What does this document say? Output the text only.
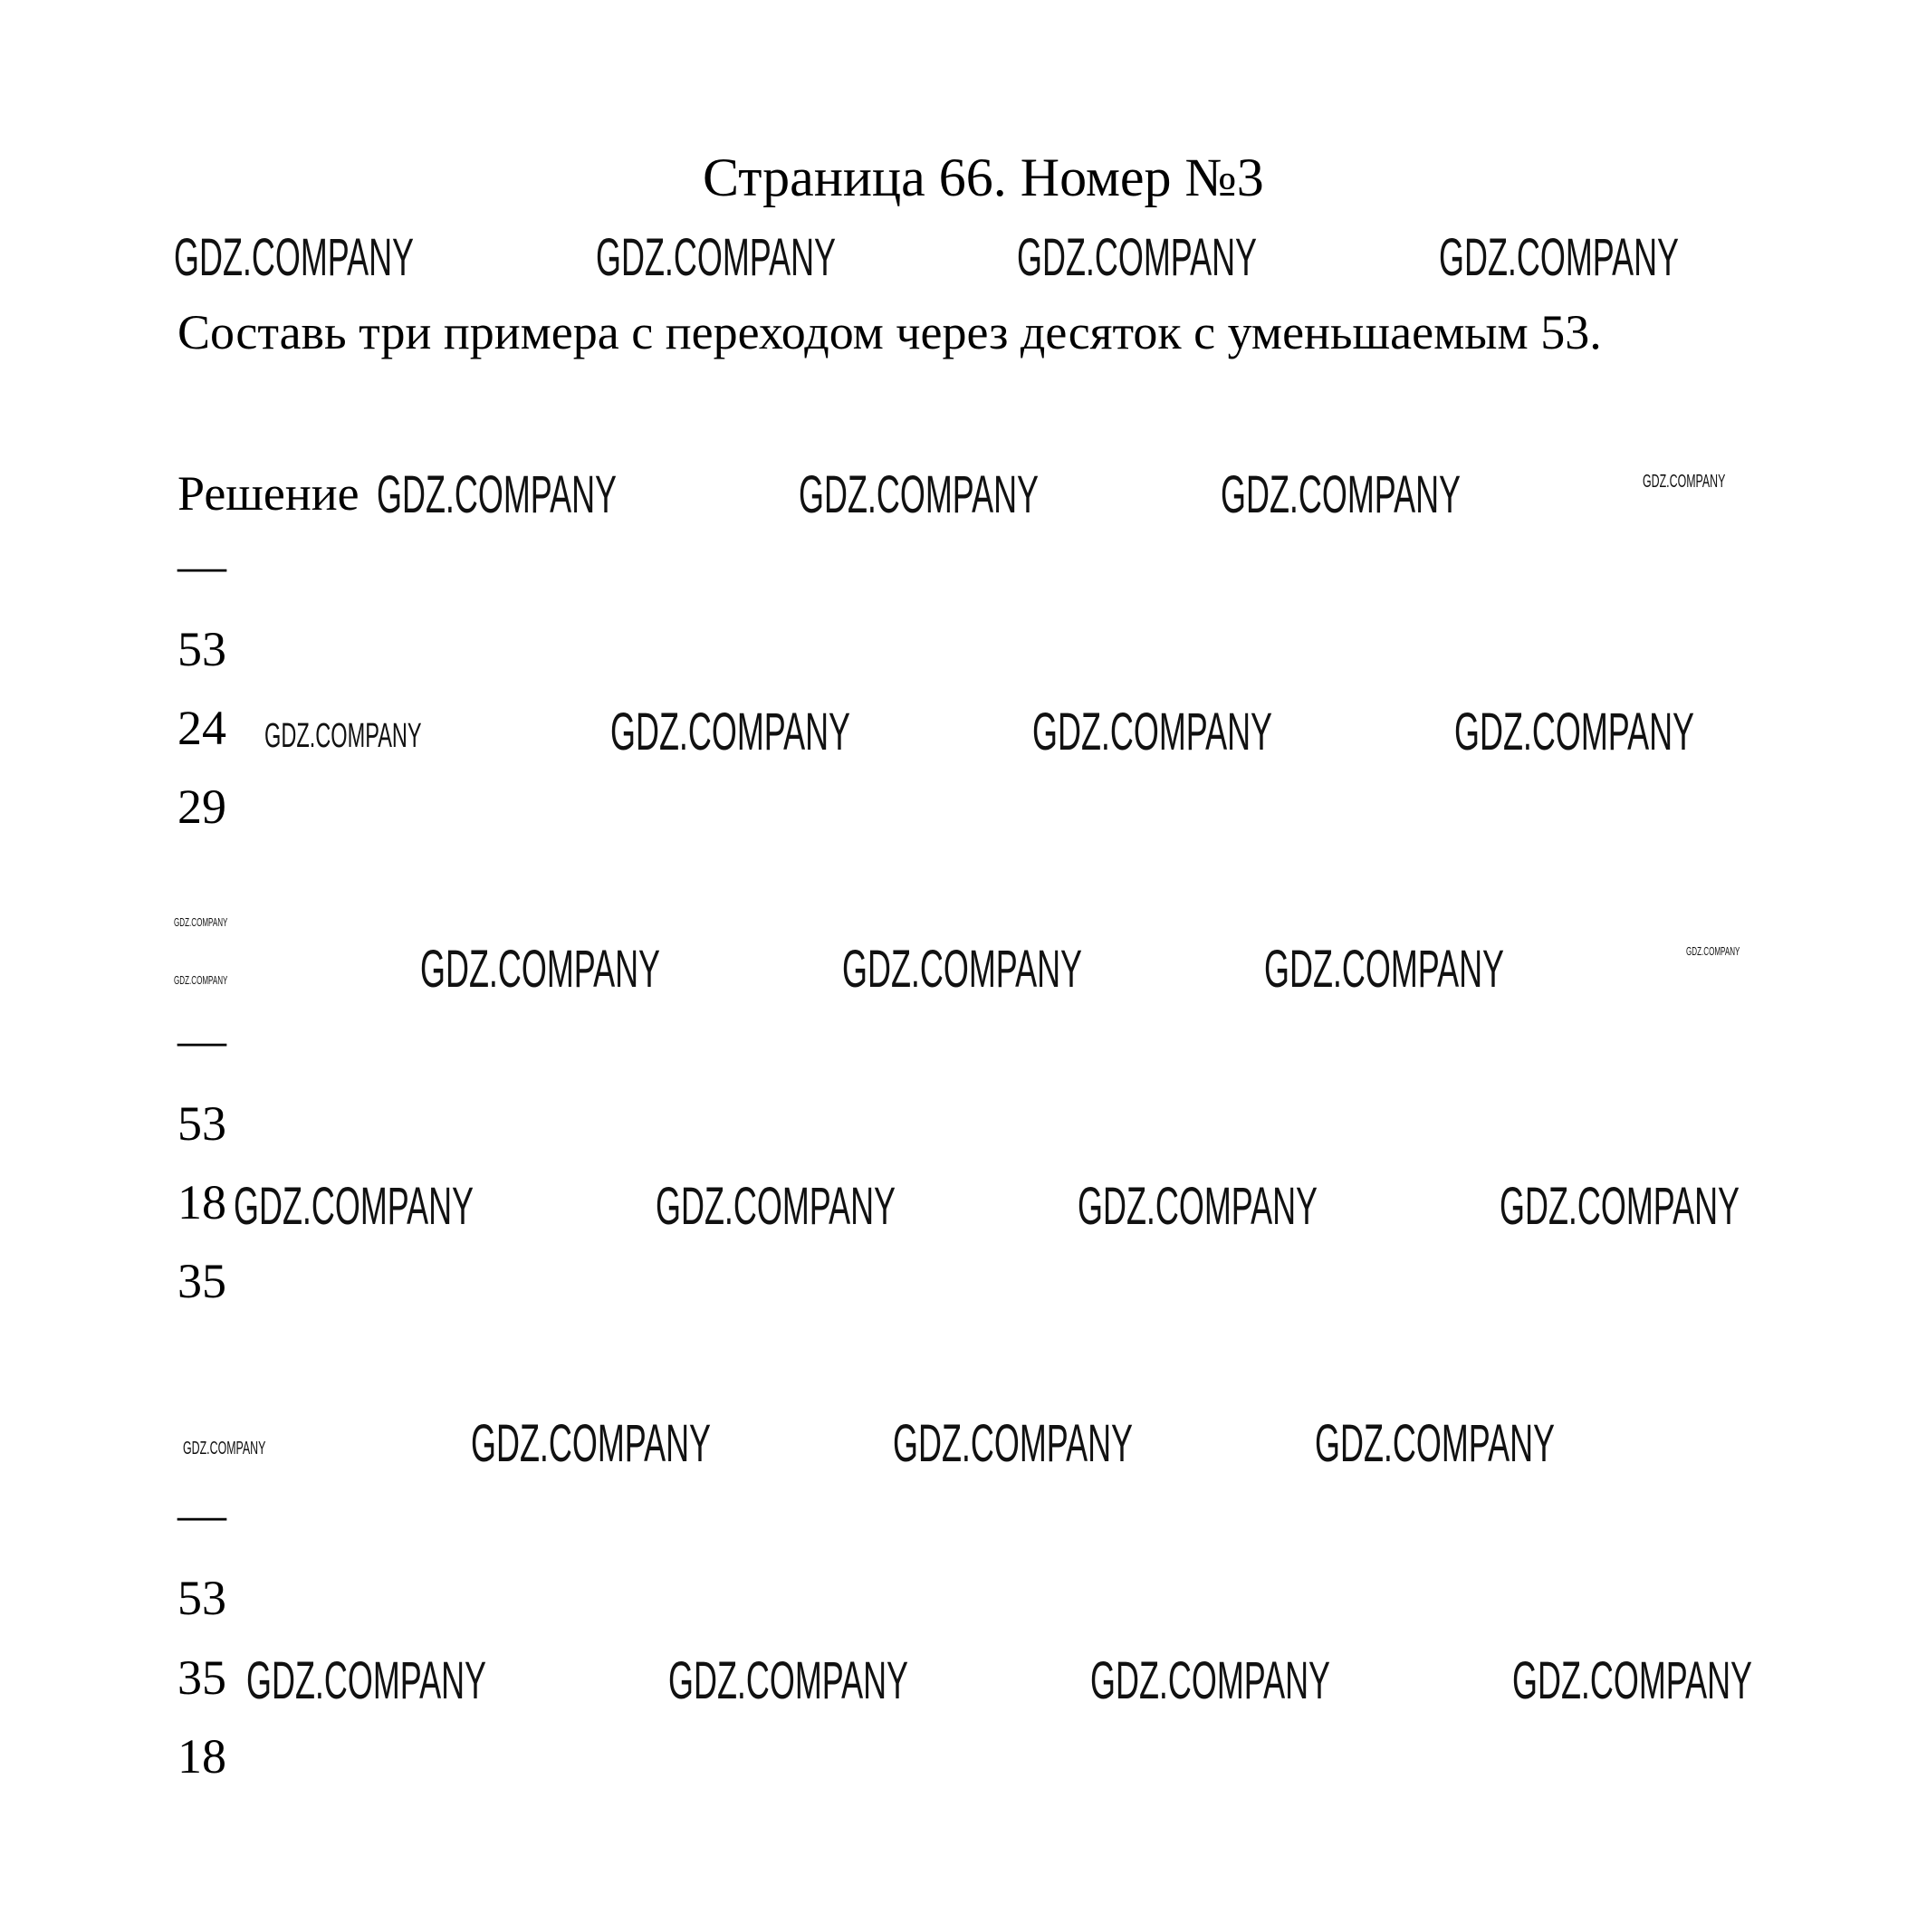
Страница 66. Номер №3
Составь три примера с переходом через десяток с уменьшаемым 53.
Решение
—
53
24
29
—
53
18
35
—
53
35
18
GDZ.COMPANY	GDZ.COMPANY	GDZ.COMPANY	GDZ.COMPANY
GDZ.COMPANY	GDZ.COMPANY	GDZ.COMPANY	GDZ.COMPANY
GDZ.COMPANY	GDZ.COMPANY	GDZ.COMPANY	GDZ.COMPANY
GDZ.COMPANY
GDZ.COMPANY	GDZ.COMPANY	GDZ.COMPANY	GDZ.COMPANY	GDZ.COMPANY
GDZ.COMPANY	GDZ.COMPANY	GDZ.COMPANY	GDZ.COMPANY
GDZ.COMPANY	GDZ.COMPANY	GDZ.COMPANY	GDZ.COMPANY
GDZ.COMPANY	GDZ.COMPANY	GDZ.COMPANY	GDZ.COMPANY
